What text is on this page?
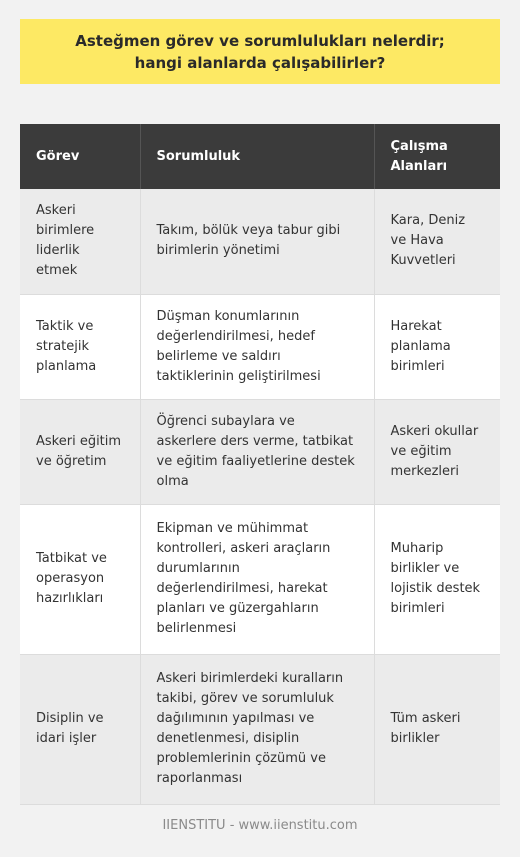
Asteğmen görev ve sorumlulukları nelerdir; hangi alanlarda çalışabilirler?
Görev	Sorumluluk	Çalışma Alanları
Askeri birimlere liderlik etmek	Takım, bölük veya tabur gibi birimlerin yönetimi	Kara, Deniz ve Hava Kuvvetleri
Taktik ve stratejik planlama	Düşman konumlarının değerlendirilmesi, hedef belirleme ve saldırı taktiklerinin geliştirilmesi	Harekat planlama birimleri
Askeri eğitim ve öğretim	Öğrenci subaylara ve askerlere ders verme, tatbikat ve eğitim faaliyetlerine destek olma	Askeri okullar ve eğitim merkezleri
Tatbikat ve operasyon hazırlıkları	Ekipman ve mühimmat kontrolleri, askeri araçların durumlarının değerlendirilmesi, harekat planları ve güzergahların belirlenmesi	Muharip birlikler ve lojistik destek birimleri
Disiplin ve idari işler	Askeri birimlerdeki kuralların takibi, görev ve sorumluluk dağılımının yapılması ve denetlenmesi, disiplin problemlerinin çözümü ve raporlanması	Tüm askeri birlikler
IIENSTITU - www.iienstitu.com
